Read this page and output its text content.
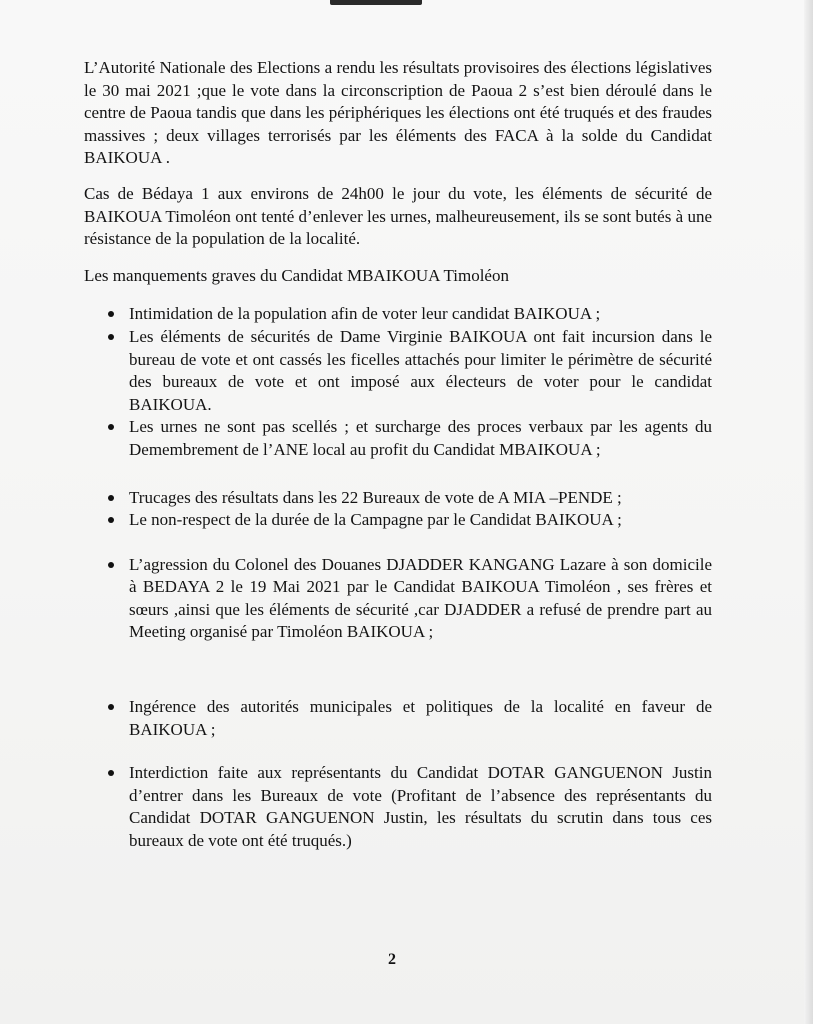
L’Autorité Nationale des Elections a rendu les résultats provisoires des élections législatives le 30 mai 2021 ;que le vote dans la circonscription de Paoua 2 s’est bien déroulé dans le centre de Paoua tandis que dans les périphériques les élections ont été truqués et des fraudes massives ; deux villages terrorisés par les éléments des FACA à la solde du Candidat BAIKOUA .

Cas de Bédaya 1 aux environs de 24h00 le jour du vote, les éléments de sécurité de BAIKOUA Timoléon ont tenté d’enlever les urnes, malheureusement, ils se sont butés à une résistance de la population de la localité.

Les manquements graves du Candidat MBAIKOUA Timoléon

Intimidation de la population afin de voter leur candidat BAIKOUA ;
Les éléments de sécurités de Dame Virginie BAIKOUA ont fait incursion dans le bureau de vote et ont cassés les ficelles attachés pour limiter le périmètre de sécurité des bureaux de vote et ont imposé aux électeurs de voter pour le candidat BAIKOUA.
Les urnes ne sont pas scellés ; et surcharge des proces verbaux par les agents du Demembrement de l’ANE local au profit du Candidat MBAIKOUA ;
Trucages des résultats dans les 22 Bureaux de vote de A MIA –PENDE ;
Le non-respect de la durée de la Campagne par le Candidat BAIKOUA ;
L’agression du Colonel des Douanes DJADDER KANGANG Lazare à son domicile à BEDAYA 2 le 19 Mai 2021 par le Candidat BAIKOUA Timoléon , ses frères et sœurs ,ainsi que les éléments de sécurité ,car DJADDER a refusé de prendre part au Meeting organisé par Timoléon BAIKOUA ;
Ingérence des autorités municipales et politiques de la localité en faveur de BAIKOUA ;
Interdiction faite aux représentants du Candidat DOTAR GANGUENON Justin d’entrer dans les Bureaux de vote (Profitant de l’absence des représentants du Candidat DOTAR GANGUENON Justin, les résultats du scrutin dans tous ces bureaux de vote ont été truqués.)
2
